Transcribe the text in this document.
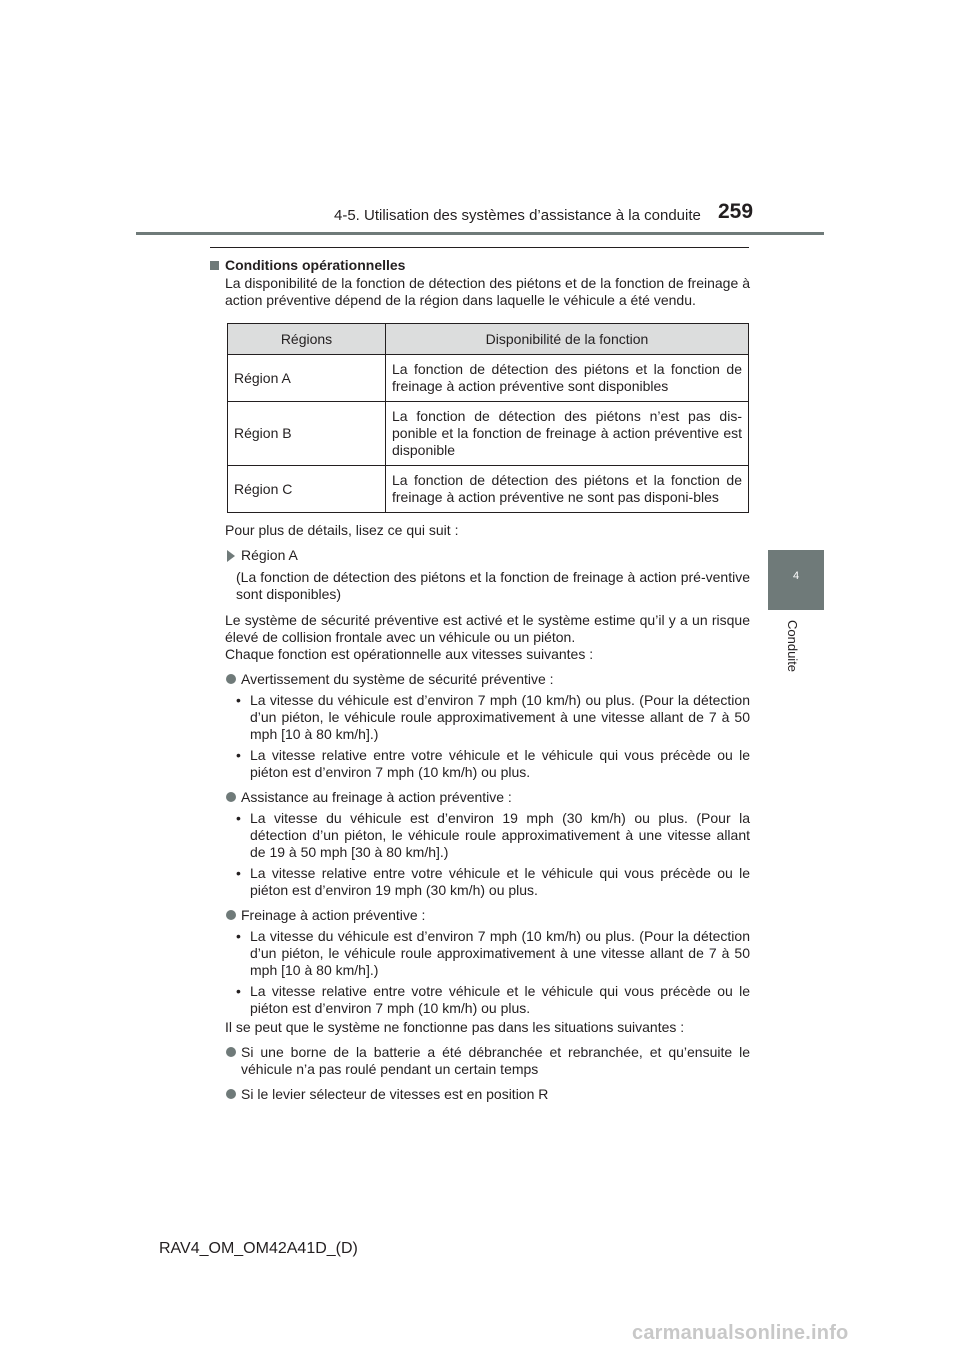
4-5. Utilisation des systèmes d’assistance à la conduite 259
4
Conduite
Conditions opérationnelles
La disponibilité de la fonction de détection des piétons et de la fonction de freinage à action préventive dépend de la région dans laquelle le véhicule a été vendu.
Régions	Disponibilité de la fonction
Région A	La fonction de détection des piétons et la fonction de freinage à action préventive sont disponibles
Région B	La fonction de détection des piétons n’est pas dis-ponible et la fonction de freinage à action préventive est disponible
Région C	La fonction de détection des piétons et la fonction de freinage à action préventive ne sont pas disponi-bles
Pour plus de détails, lisez ce qui suit :
Région A
(La fonction de détection des piétons et la fonction de freinage à action pré-ventive sont disponibles)
Le système de sécurité préventive est activé et le système estime qu’il y a un risque élevé de collision frontale avec un véhicule ou un piéton.
Chaque fonction est opérationnelle aux vitesses suivantes :
Avertissement du système de sécurité préventive :
• La vitesse du véhicule est d’environ 7 mph (10 km/h) ou plus. (Pour la détection d’un piéton, le véhicule roule approximativement à une vitesse allant de 7 à 50 mph [10 à 80 km/h].)
• La vitesse relative entre votre véhicule et le véhicule qui vous précède ou le piéton est d’environ 7 mph (10 km/h) ou plus.
Assistance au freinage à action préventive :
• La vitesse du véhicule est d’environ 19 mph (30 km/h) ou plus. (Pour la détection d’un piéton, le véhicule roule approximativement à une vitesse allant de 19 à 50 mph [30 à 80 km/h].)
• La vitesse relative entre votre véhicule et le véhicule qui vous précède ou le piéton est d’environ 19 mph (30 km/h) ou plus.
Freinage à action préventive :
• La vitesse du véhicule est d’environ 7 mph (10 km/h) ou plus. (Pour la détection d’un piéton, le véhicule roule approximativement à une vitesse allant de 7 à 50 mph [10 à 80 km/h].)
• La vitesse relative entre votre véhicule et le véhicule qui vous précède ou le piéton est d’environ 7 mph (10 km/h) ou plus.
Il se peut que le système ne fonctionne pas dans les situations suivantes :
Si une borne de la batterie a été débranchée et rebranchée, et qu’ensuite le véhicule n’a pas roulé pendant un certain temps
Si le levier sélecteur de vitesses est en position R
RAV4_OM_OM42A41D_(D)
carmanualsonline.info
